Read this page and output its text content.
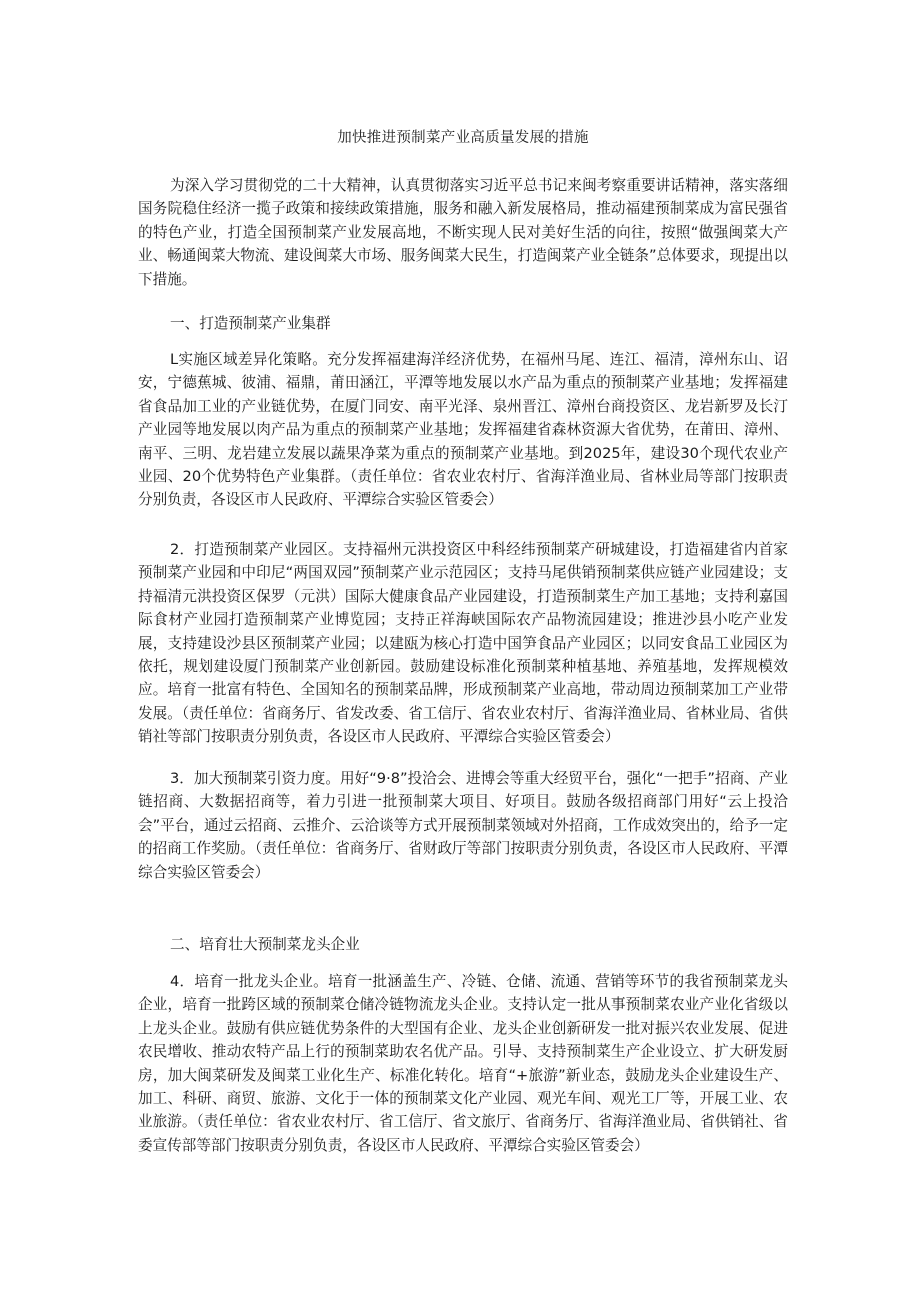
加快推进预制菜产业高质量发展的措施

为深入学习贯彻党的二十大精神，认真贯彻落实习近平总书记来闽考察重要讲话精神，落实落细国务院稳住经济一揽子政策和接续政策措施，服务和融入新发展格局，推动福建预制菜成为富民强省的特色产业，打造全国预制菜产业发展高地，不断实现人民对美好生活的向往，按照“做强闽菜大产业、畅通闽菜大物流、建设闽菜大市场、服务闽菜大民生，打造闽菜产业全链条”总体要求，现提出以下措施。

一、打造预制菜产业集群

L实施区域差异化策略。充分发挥福建海洋经济优势，在福州马尾、连江、福清，漳州东山、诏安，宁德蕉城、彼浦、福鼎，莆田涵江，平潭等地发展以水产品为重点的预制菜产业基地；发挥福建省食品加工业的产业链优势，在厦门同安、南平光泽、泉州晋江、漳州台商投资区、龙岩新罗及长汀产业园等地发展以肉产品为重点的预制菜产业基地；发挥福建省森林资源大省优势，在莆田、漳州、南平、三明、龙岩建立发展以蔬果净菜为重点的预制菜产业基地。到2025年，建设30个现代农业产业园、20个优势特色产业集群。（责任单位：省农业农村厅、省海洋渔业局、省林业局等部门按职责分别负责，各设区市人民政府、平潭综合实验区管委会）

2．打造预制菜产业园区。支持福州元洪投资区中科经纬预制菜产研城建设，打造福建省内首家预制菜产业园和中印尼“两国双园”预制菜产业示范园区；支持马尾供销预制菜供应链产业园建设；支持福清元洪投资区保罗（元洪）国际大健康食品产业园建设，打造预制菜生产加工基地；支持利嘉国际食材产业园打造预制菜产业博览园；支持正祥海峡国际农产品物流园建设；推进沙县小吃产业发展，支持建设沙县区预制菜产业园；以建瓯为核心打造中国笋食品产业园区；以同安食品工业园区为依托，规划建设厦门预制菜产业创新园。鼓励建设标准化预制菜种植基地、养殖基地，发挥规模效应。培育一批富有特色、全国知名的预制菜品牌，形成预制菜产业高地，带动周边预制菜加工产业带发展。（责任单位：省商务厅、省发改委、省工信厅、省农业农村厅、省海洋渔业局、省林业局、省供销社等部门按职责分别负责，各设区市人民政府、平潭综合实验区管委会）

3．加大预制菜引资力度。用好“9·8”投洽会、进博会等重大经贸平台，强化“一把手”招商、产业链招商、大数据招商等，着力引进一批预制菜大项目、好项目。鼓励各级招商部门用好“云上投洽会”平台，通过云招商、云推介、云洽谈等方式开展预制菜领域对外招商，工作成效突出的，给予一定的招商工作奖励。（责任单位：省商务厅、省财政厅等部门按职责分别负责，各设区市人民政府、平潭综合实验区管委会）

二、培育壮大预制菜龙头企业

4．培育一批龙头企业。培育一批涵盖生产、冷链、仓储、流通、营销等环节的我省预制菜龙头企业，培育一批跨区域的预制菜仓储冷链物流龙头企业。支持认定一批从事预制菜农业产业化省级以上龙头企业。鼓励有供应链优势条件的大型国有企业、龙头企业创新研发一批对振兴农业发展、促进农民增收、推动农特产品上行的预制菜助农名优产品。引导、支持预制菜生产企业设立、扩大研发厨房，加大闽菜研发及闽菜工业化生产、标准化转化。培育“+旅游”新业态，鼓励龙头企业建设生产、加工、科研、商贸、旅游、文化于一体的预制菜文化产业园、观光车间、观光工厂等，开展工业、农业旅游。（责任单位：省农业农村厅、省工信厅、省文旅厅、省商务厅、省海洋渔业局、省供销社、省委宣传部等部门按职责分别负责，各设区市人民政府、平潭综合实验区管委会）
